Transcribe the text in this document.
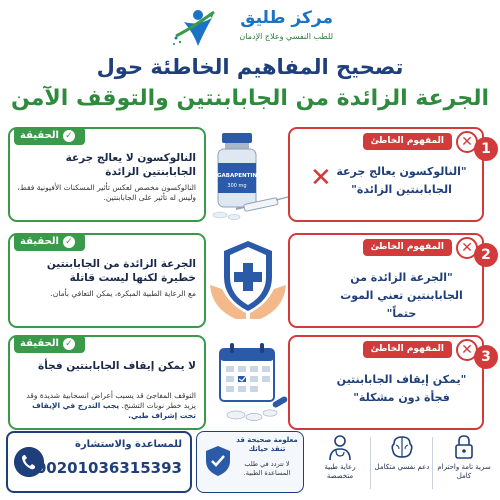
مركز طليق
للطب النفسي وعلاج الإدمان
تصحيح المفاهيم الخاطئة حول
الجرعة الزائدة من الجابابنتين والتوقف الآمن
✓الحقيقة
النالوكسون لا يعالج جرعة الجابابنتين الزائدة
النالوكسون مخصص لعكس تأثير المسكنات الأفيونية فقط، وليس له تأثير على الجابابنتين.
GABAPENTIN
300 mg
✕
المفهوم الخاطئ
✕ "النالوكسون يعالج جرعة الجابابنتين الزائدة"
1
✓الحقيقة
الجرعة الزائدة من الجابابنتين خطيرة لكنها ليست قاتلة
مع الرعاية الطبية المبكرة، يمكن التعافي بأمان.
✕
المفهوم الخاطئ
"الجرعة الزائدة من الجابابنتين تعني الموت حتماً"
2
✓الحقيقة
لا يمكن إيقاف الجابابنتين فجأة
التوقف المفاجئ قد يسبب أعراض انسحابية شديدة وقد يزيد خطر نوبات التشنج. يجب التدرج في الإيقاف تحت إشراف طبي.
✕
المفهوم الخاطئ
"يمكن إيقاف الجابابنتين فجأة دون مشكلة"
3
للمساعدة والاستشارة
00201036315393
معلومة صحيحة قد تنقذ حياتك
لا تتردد في طلب المساعدة الطبية.
رعاية طبية متخصصة
دعم نفسي متكامل سرية تامة واحترام كامل
